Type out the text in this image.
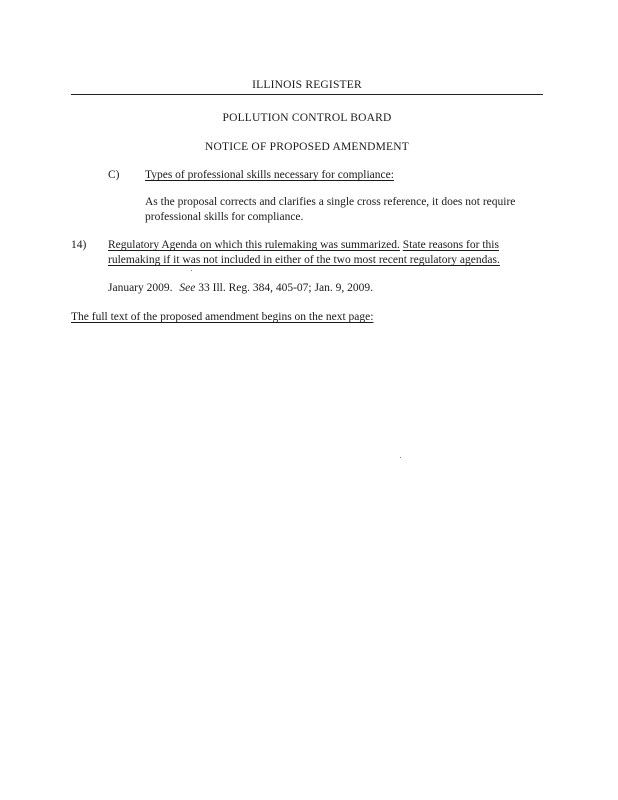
ILLINOIS REGISTER
POLLUTION CONTROL BOARD
NOTICE OF PROPOSED AMENDMENT
C) Types of professional skills necessary for compliance:
As the proposal corrects and clarifies a single cross reference, it does not require
professional skills for compliance.
14) Regulatory Agenda on which this rulemaking was summarized. State reasons for this
rulemaking if it was not included in either of the two most recent regulatory agendas.
January 2009. See 33 Ill. Reg. 384, 405-07; Jan. 9, 2009.
The full text of the proposed amendment begins on the next page:
